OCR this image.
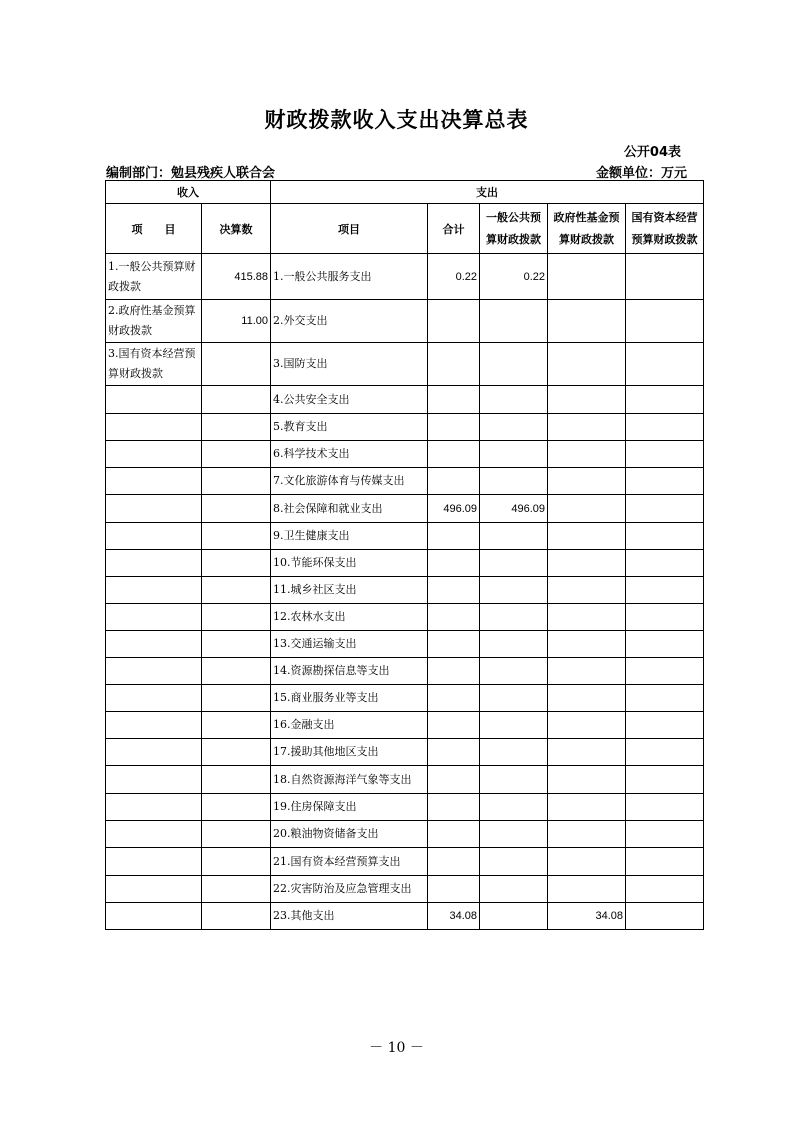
财政拨款收入支出决算总表
公开04表
编制部门：勉县残疾人联合会	金额单位：万元
收入		支出				
项　　目	决算数	项目	合计	一般公共预算财政拨款	政府性基金预算财政拨款	国有资本经营预算财政拨款
1.一般公共预算财政拨款	415.88	1.一般公共服务支出	0.22	0.22		
2.政府性基金预算财政拨款	11.00	2.外交支出				
3.国有资本经营预算财政拨款		3.国防支出				
		4.公共安全支出				
		5.教育支出				
		6.科学技术支出				
		7.文化旅游体育与传媒支出				
		8.社会保障和就业支出	496.09	496.09		
		9.卫生健康支出				
		10.节能环保支出				
		11.城乡社区支出				
		12.农林水支出				
		13.交通运输支出				
		14.资源勘探信息等支出				
		15.商业服务业等支出				
		16.金融支出				
		17.援助其他地区支出				
		18.自然资源海洋气象等支出				
		19.住房保障支出				
		20.粮油物资储备支出				
		21.国有资本经营预算支出				
		22.灾害防治及应急管理支出				
		23.其他支出	34.08		34.08	
－ 10 －
